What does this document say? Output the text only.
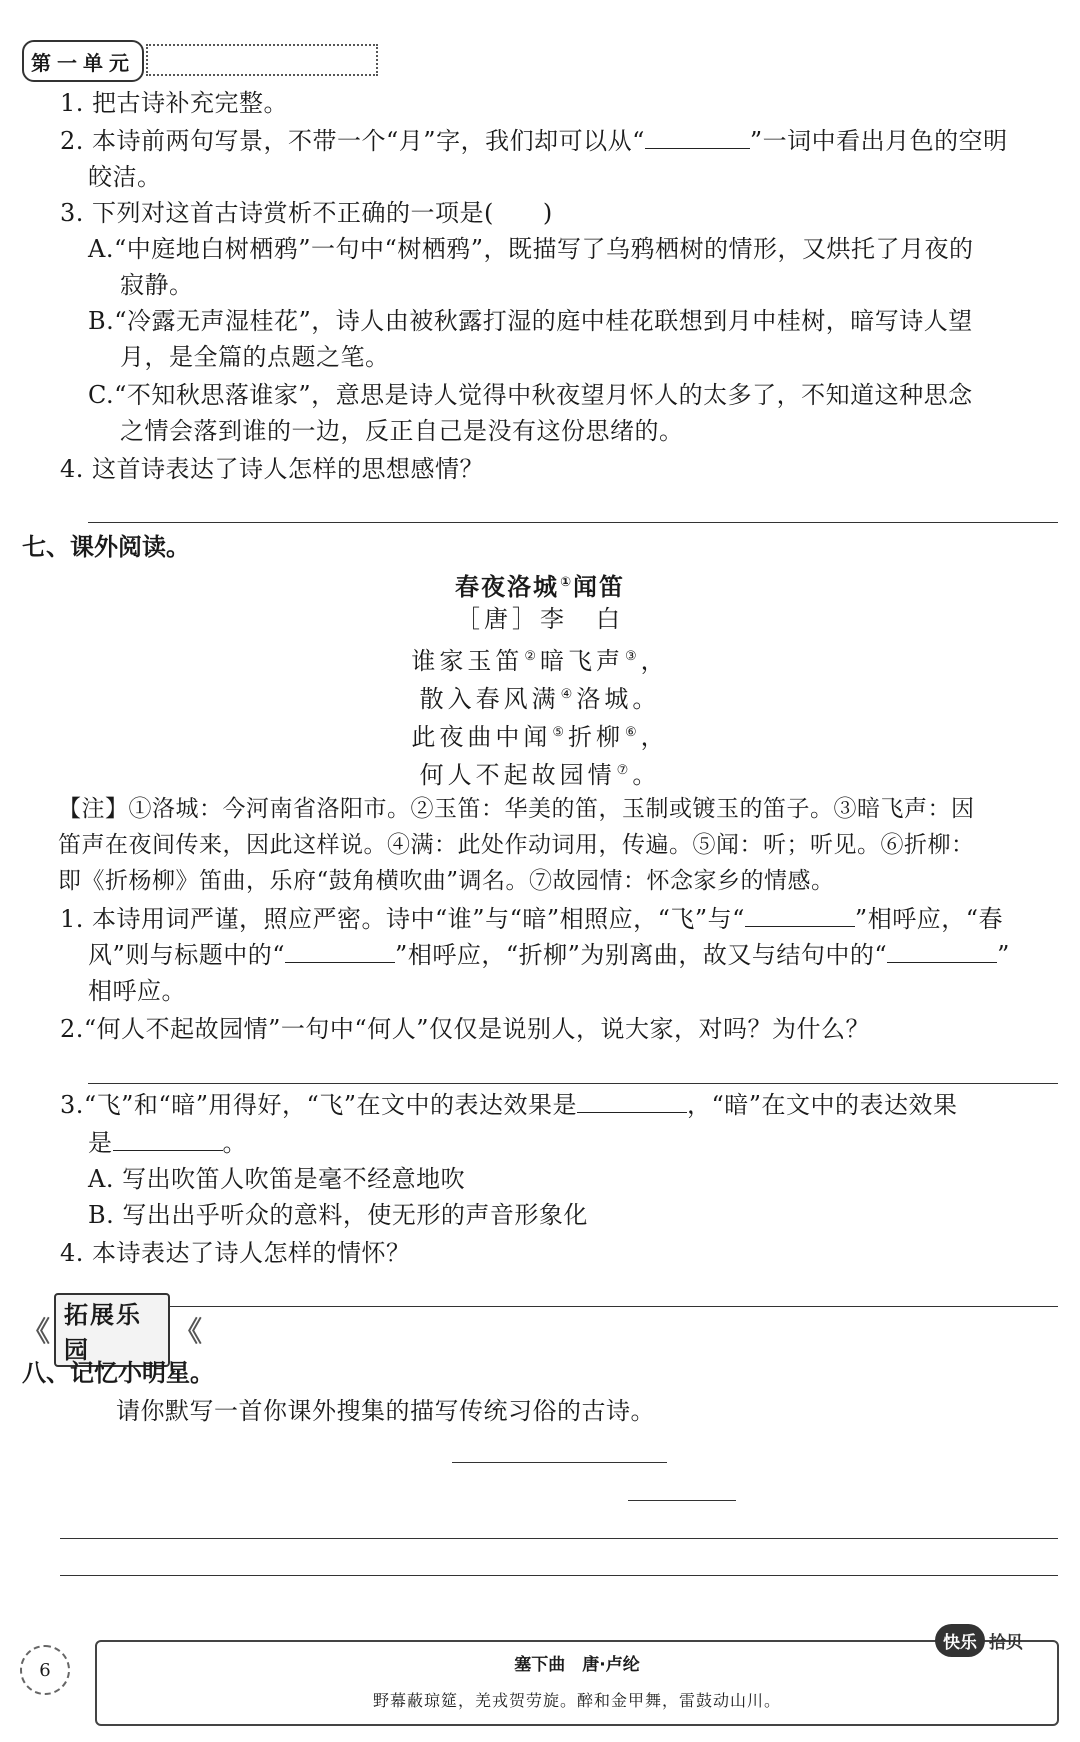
第一单元
1. 把古诗补充完整。
2. 本诗前两句写景，不带一个“月”字，我们却可以从“	”一词中看出月色的空明
皎洁。
3. 下列对这首古诗赏析不正确的一项是(　　)
A.“中庭地白树栖鸦”一句中“树栖鸦”，既描写了乌鸦栖树的情形，又烘托了月夜的
寂静。
B.“冷露无声湿桂花”，诗人由被秋露打湿的庭中桂花联想到月中桂树，暗写诗人望
月，是全篇的点题之笔。
C.“不知秋思落谁家”，意思是诗人觉得中秋夜望月怀人的太多了，不知道这种思念
之情会落到谁的一边，反正自己是没有这份思绪的。
4. 这首诗表达了诗人怎样的思想感情？
七、课外阅读。
春夜洛城①闻笛
［唐］李　白
谁家玉笛②暗飞声③，
散入春风满④洛城。
此夜曲中闻⑤折柳⑥，
何人不起故园情⑦。
【注】①洛城：今河南省洛阳市。②玉笛：华美的笛，玉制或镀玉的笛子。③暗飞声：因
笛声在夜间传来，因此这样说。④满：此处作动词用，传遍。⑤闻：听；听见。⑥折柳：
即《折杨柳》笛曲，乐府“鼓角横吹曲”调名。⑦故园情：怀念家乡的情感。
1. 本诗用词严谨，照应严密。诗中“谁”与“暗”相照应，“飞”与“	”相呼应，“春
风”则与标题中的“	”相呼应，“折柳”为别离曲，故又与结句中的“	”
相呼应。
2.“何人不起故园情”一句中“何人”仅仅是说别人，说大家，对吗？为什么？
3.“飞”和“暗”用得好，“飞”在文中的表达效果是	，“暗”在文中的表达效果
是	。
A. 写出吹笛人吹笛是毫不经意地吹
B. 写出出乎听众的意料，使无形的声音形象化
4. 本诗表达了诗人怎样的情怀？
《 拓展乐园
《
八、记忆小明星。
请你默写一首你课外搜集的描写传统习俗的古诗。
6	塞下曲　唐·卢纶
野幕蔽琼筵，羌戎贺劳旋。醉和金甲舞，雷鼓动山川。
快乐 拾贝
